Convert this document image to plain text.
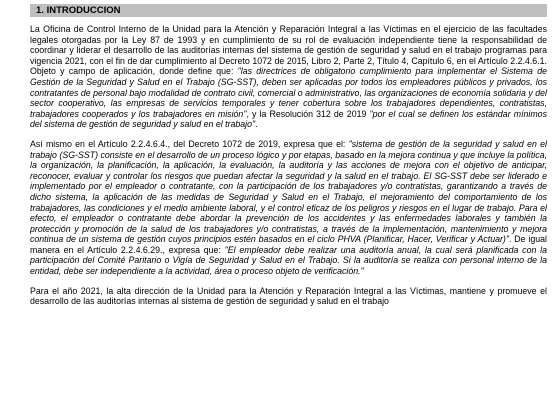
1. INTRODUCCION

La Oficina de Control Interno de la Unidad para la Atención y Reparación Integral a las Víctimas en el ejercicio de las facultades legales otorgadas por la Ley 87 de 1993 y en cumplimiento de su rol de evaluación independiente tiene la responsabilidad de coordinar y liderar el desarrollo de las auditorías internas del sistema de gestión de seguridad y salud en el trabajo programas para vigencia 2021, con el fin de dar cumplimiento al Decreto 1072 de 2015, Libro 2, Parte 2, Título 4, Capítulo 6, en el Artículo 2.2.4.6.1. Objeto y campo de aplicación, donde define que: "las directrices de obligatorio cumplimiento para implementar el Sistema de Gestión de la Seguridad y Salud en el Trabajo (SG-SST), deben ser aplicadas por todos los empleadores públicos y privados, los contratantes de personal bajo modalidad de contrato civil, comercial o administrativo, las organizaciones de economía solidaria y del sector cooperativo, las empresas de servicios temporales y tener cobertura sobre los trabajadores dependientes, contratistas, trabajadores cooperados y los trabajadores en misión", y la Resolución 312 de 2019 "por el cual se definen los estándar mínimos del sistema de gestión de seguridad y salud en el trabajo".

Así mismo en el Artículo 2.2.4.6.4., del Decreto 1072 de 2019, expresa que el: "sistema de gestión de la seguridad y salud en el trabajo (SG-SST) consiste en el desarrollo de un proceso lógico y por etapas, basado en la mejora continua y que incluye la política, la organización, la planificación, la aplicación, la evaluación, la auditoría y las acciones de mejora con el objetivo de anticipar, reconocer, evaluar y controlar los riesgos que puedan afectar la seguridad y la salud en el trabajo. El SG-SST debe ser liderado e implementado por el empleador o contratante, con la participación de los trabajadores y/o contratistas, garantizando a través de dicho sistema, la aplicación de las medidas de Seguridad y Salud en el Trabajo, el mejoramiento del comportamiento de los trabajadores, las condiciones y el medio ambiente laboral, y el control eficaz de los peligros y riesgos en el lugar de trabajo. Para el efecto, el empleador o contratante debe abordar la prevención de los accidentes y las enfermedades laborales y también la protección y promoción de la salud de los trabajadores y/o contratistas, a través de la implementación, mantenimiento y mejora continua de un sistema de gestión cuyos principios estén basados en el ciclo PHVA (Planificar, Hacer, Verificar y Actuar)". De igual manera en el Artículo 2.2.4.6.29., expresa que: "El empleador debe realizar una auditoría anual, la cual será planificada con la participación del Comité Paritario o Vigía de Seguridad y Salud en el Trabajo. Si la auditoría se realiza con personal interno de la entidad, debe ser independiente a la actividad, área o proceso objeto de verificación."

Para el año 2021, la alta dirección de la Unidad para la Atención y Reparación Integral a las Víctimas, mantiene y promueve el desarrollo de las auditorías internas al sistema de gestión de seguridad y salud en el trabajo
